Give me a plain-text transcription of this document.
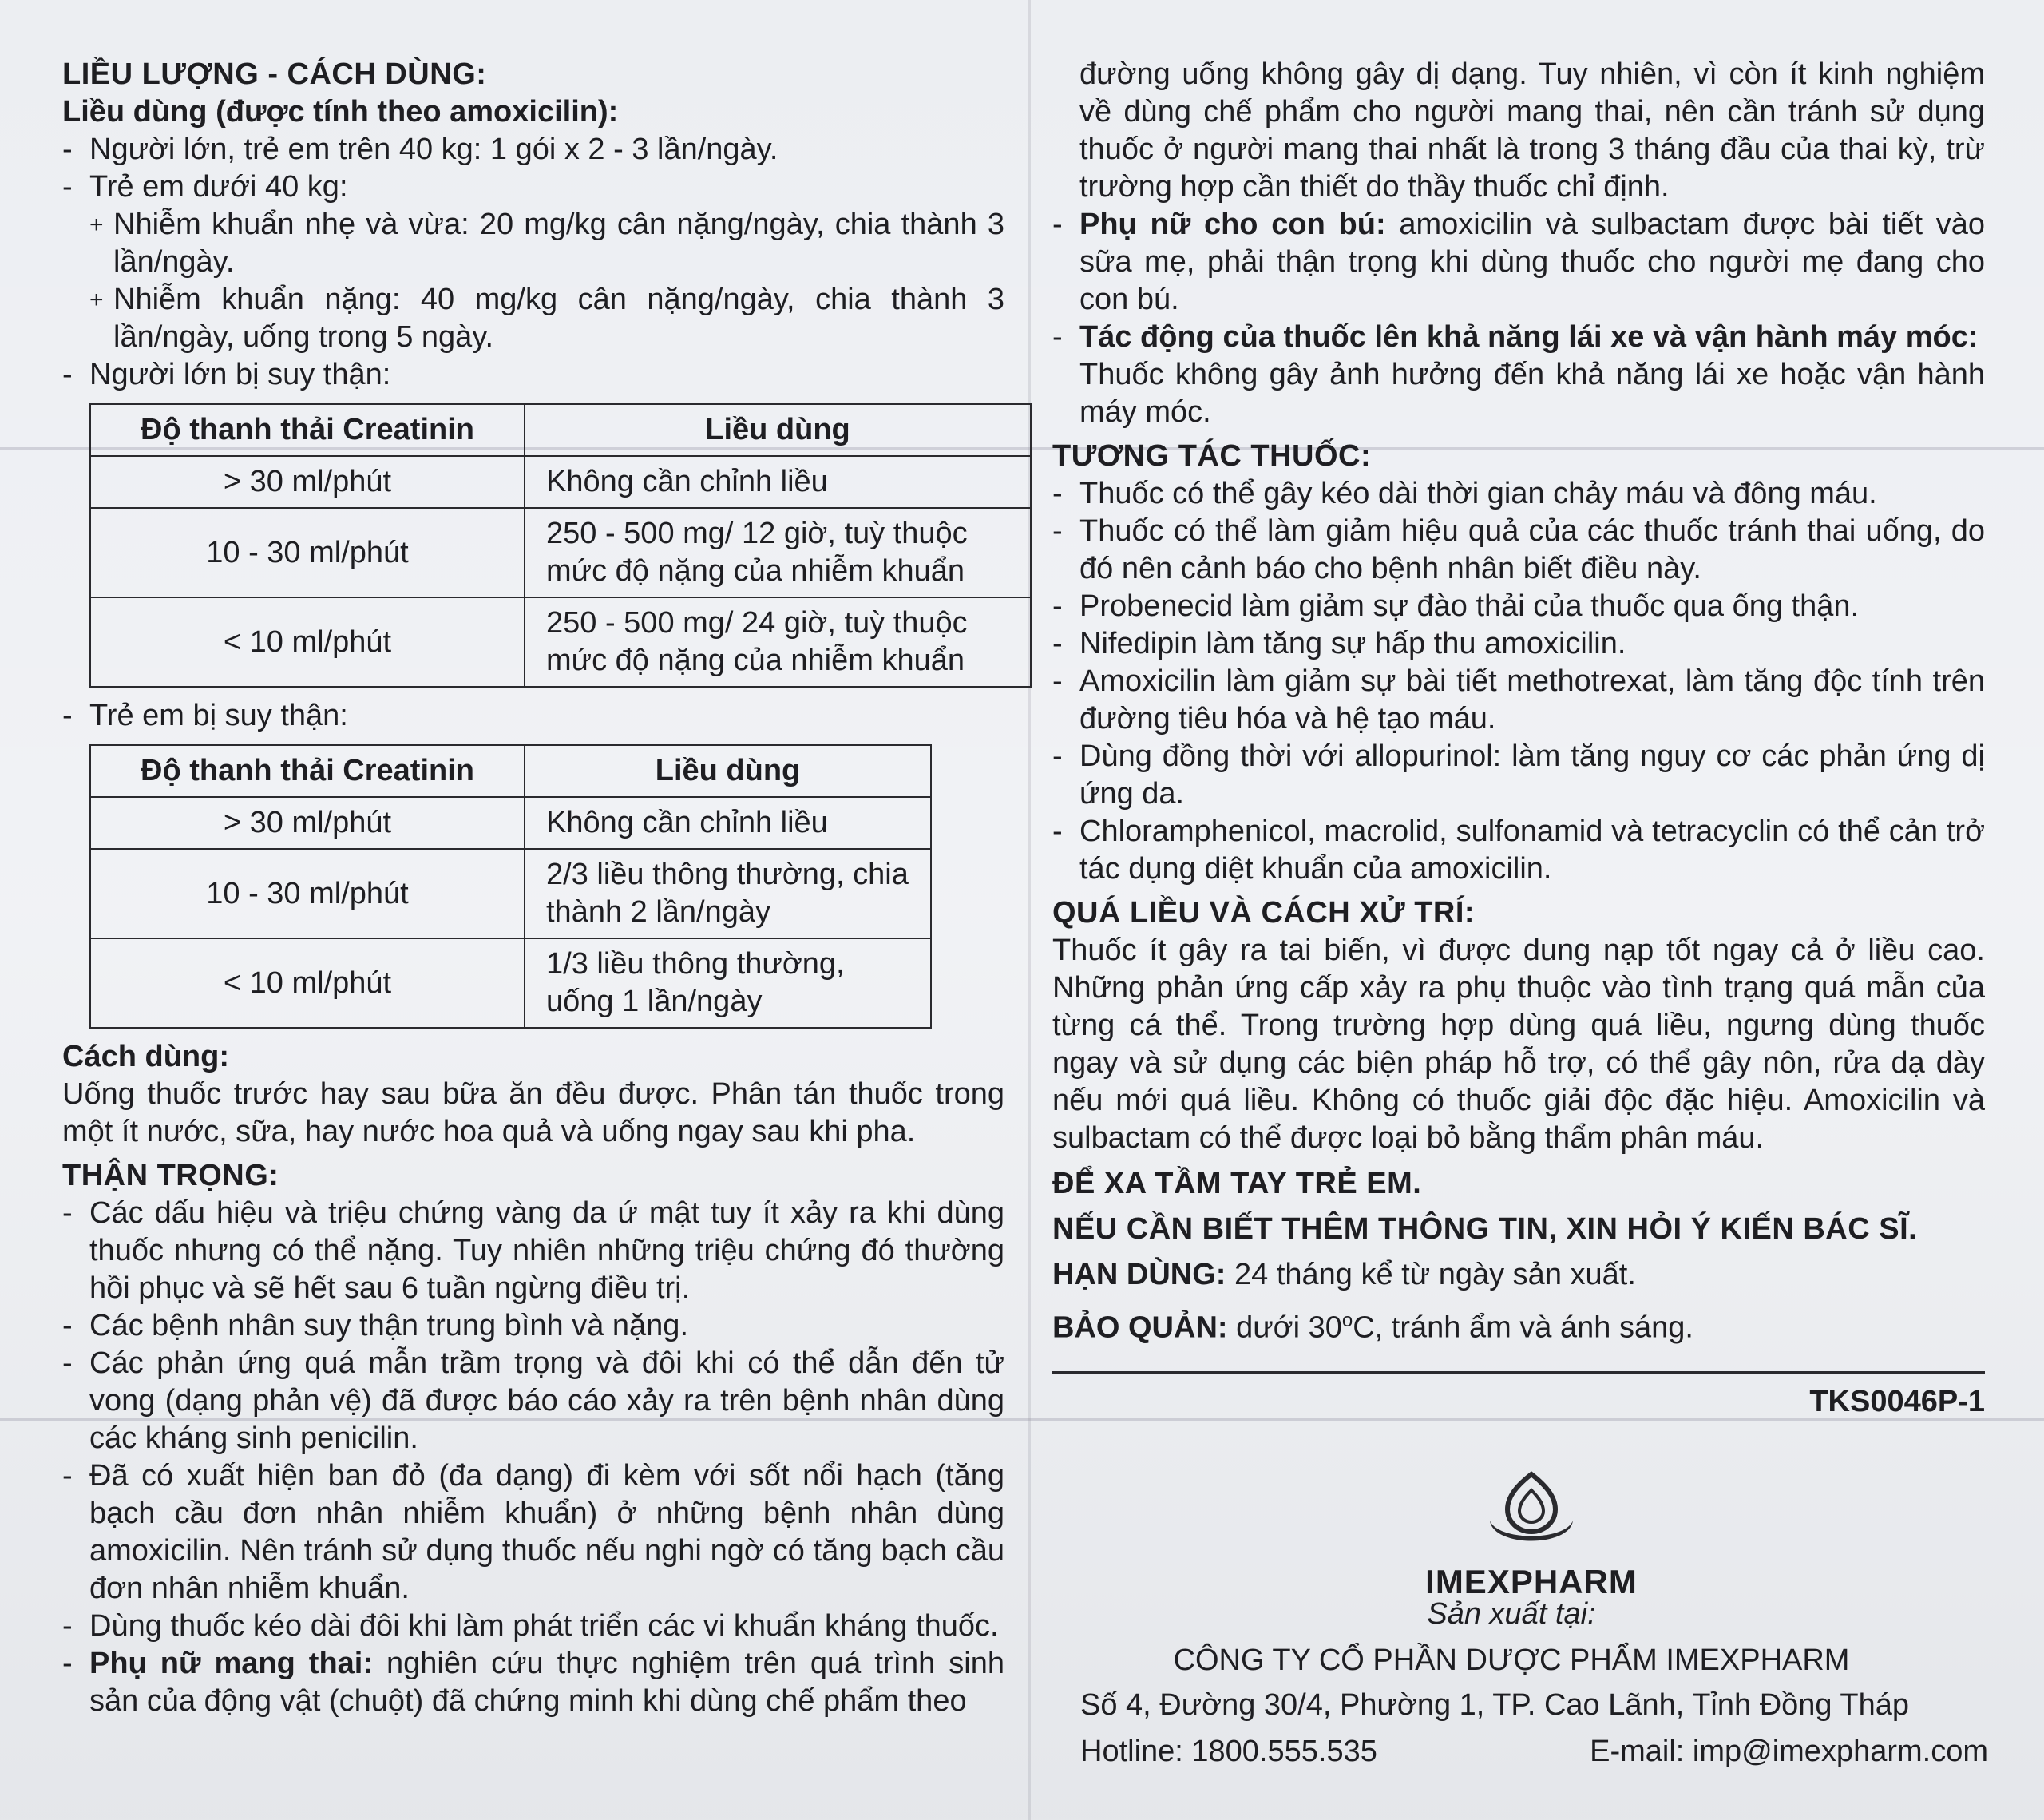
LIỀU LƯỢNG - CÁCH DÙNG:

Liều dùng (được tính theo amoxicilin):

- Người lớn, trẻ em trên 40 kg: 1 gói x 2 - 3 lần/ngày.

- Trẻ em dưới 40 kg:

+ Nhiễm khuẩn nhẹ và vừa: 20 mg/kg cân nặng/ngày, chia thành 3 lần/ngày.

+ Nhiễm khuẩn nặng: 40 mg/kg cân nặng/ngày, chia thành 3 lần/ngày, uống trong 5 ngày.

- Người lớn bị suy thận:

Độ thanh thải Creatinin	Liều dùng
> 30 ml/phút	Không cần chỉnh liều
10 - 30 ml/phút	250 - 500 mg/ 12 giờ, tuỳ thuộc mức độ nặng của nhiễm khuẩn
< 10 ml/phút	250 - 500 mg/ 24 giờ, tuỳ thuộc mức độ nặng của nhiễm khuẩn

- Trẻ em bị suy thận:

Độ thanh thải Creatinin	Liều dùng
> 30 ml/phút	Không cần chỉnh liều
10 - 30 ml/phút	2/3 liều thông thường, chia thành 2 lần/ngày
< 10 ml/phút	1/3 liều thông thường, uống 1 lần/ngày

Cách dùng:

Uống thuốc trước hay sau bữa ăn đều được. Phân tán thuốc trong một ít nước, sữa, hay nước hoa quả và uống ngay sau khi pha.

THẬN TRỌNG:

- Các dấu hiệu và triệu chứng vàng da ứ mật tuy ít xảy ra khi dùng thuốc nhưng có thể nặng. Tuy nhiên những triệu chứng đó thường hồi phục và sẽ hết sau 6 tuần ngừng điều trị.

- Các bệnh nhân suy thận trung bình và nặng.

- Các phản ứng quá mẫn trầm trọng và đôi khi có thể dẫn đến tử vong (dạng phản vệ) đã được báo cáo xảy ra trên bệnh nhân dùng các kháng sinh penicilin.

- Đã có xuất hiện ban đỏ (đa dạng) đi kèm với sốt nổi hạch (tăng bạch cầu đơn nhân nhiễm khuẩn) ở những bệnh nhân dùng amoxicilin. Nên tránh sử dụng thuốc nếu nghi ngờ có tăng bạch cầu đơn nhân nhiễm khuẩn.

- Dùng thuốc kéo dài đôi khi làm phát triển các vi khuẩn kháng thuốc.

- Phụ nữ mang thai: nghiên cứu thực nghiệm trên quá trình sinh sản của động vật (chuột) đã chứng minh khi dùng chế phẩm theo

đường uống không gây dị dạng. Tuy nhiên, vì còn ít kinh nghiệm về dùng chế phẩm cho người mang thai, nên cần tránh sử dụng thuốc ở người mang thai nhất là trong 3 tháng đầu của thai kỳ, trừ trường hợp cần thiết do thầy thuốc chỉ định.

- Phụ nữ cho con bú: amoxicilin và sulbactam được bài tiết vào sữa mẹ, phải thận trọng khi dùng thuốc cho người mẹ đang cho con bú.

- Tác động của thuốc lên khả năng lái xe và vận hành máy móc:
Thuốc không gây ảnh hưởng đến khả năng lái xe hoặc vận hành máy móc.

TƯƠNG TÁC THUỐC:

- Thuốc có thể gây kéo dài thời gian chảy máu và đông máu.

- Thuốc có thể làm giảm hiệu quả của các thuốc tránh thai uống, do đó nên cảnh báo cho bệnh nhân biết điều này.

- Probenecid làm giảm sự đào thải của thuốc qua ống thận.

- Nifedipin làm tăng sự hấp thu amoxicilin.

- Amoxicilin làm giảm sự bài tiết methotrexat, làm tăng độc tính trên đường tiêu hóa và hệ tạo máu.

- Dùng đồng thời với allopurinol: làm tăng nguy cơ các phản ứng dị ứng da.

- Chloramphenicol, macrolid, sulfonamid và tetracyclin có thể cản trở tác dụng diệt khuẩn của amoxicilin.

QUÁ LIỀU VÀ CÁCH XỬ TRÍ:

Thuốc ít gây ra tai biến, vì được dung nạp tốt ngay cả ở liều cao. Những phản ứng cấp xảy ra phụ thuộc vào tình trạng quá mẫn của từng cá thể. Trong trường hợp dùng quá liều, ngưng dùng thuốc ngay và sử dụng các biện pháp hỗ trợ, có thể gây nôn, rửa dạ dày nếu mới quá liều. Không có thuốc giải độc đặc hiệu. Amoxicilin và sulbactam có thể được loại bỏ bằng thẩm phân máu.

ĐỂ XA TẦM TAY TRẺ EM.

NẾU CẦN BIẾT THÊM THÔNG TIN, XIN HỎI Ý KIẾN BÁC SĨ.

HẠN DÙNG: 24 tháng kể từ ngày sản xuất.

BẢO QUẢN: dưới 30$^o$C, tránh ẩm và ánh sáng.

TKS0046P-1
IMEXPHARM
Sản xuất tại:
CÔNG TY CỔ PHẦN DƯỢC PHẨM IMEXPHARM
Số 4, Đường 30/4, Phường 1, TP. Cao Lãnh, Tỉnh Đồng Tháp
Hotline: 1800.555.535	E-mail: imp@imexpharm.com
